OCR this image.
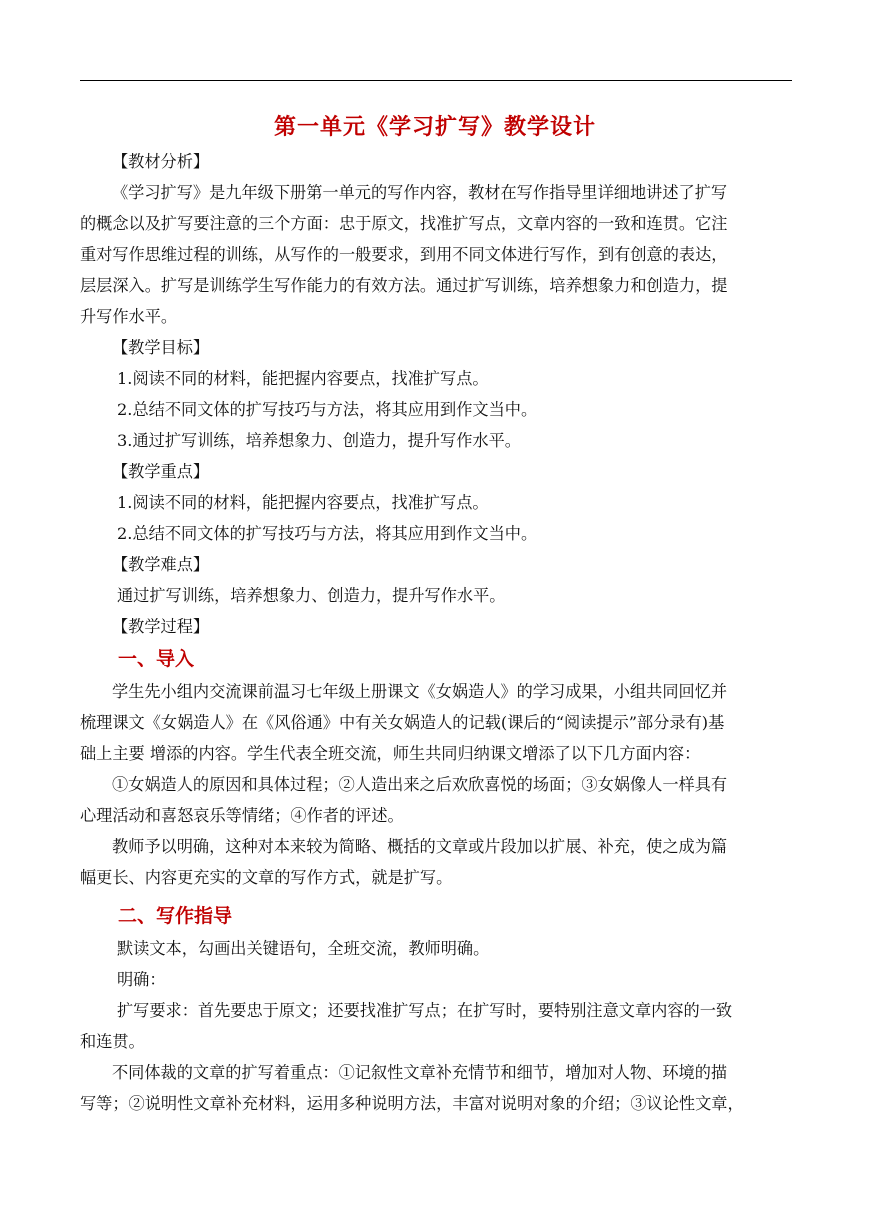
第一单元《学习扩写》教学设计

【教材分析】

《学习扩写》是九年级下册第一单元的写作内容，教材在写作指导里详细地讲述了扩写

的概念以及扩写要注意的三个方面：忠于原文，找准扩写点，文章内容的一致和连贯。它注

重对写作思维过程的训练，从写作的一般要求，到用不同文体进行写作，到有创意的表达，

层层深入。扩写是训练学生写作能力的有效方法。通过扩写训练，培养想象力和创造力，提

升写作水平。

【教学目标】

1.阅读不同的材料，能把握内容要点，找准扩写点。

2.总结不同文体的扩写技巧与方法，将其应用到作文当中。

3.通过扩写训练，培养想象力、创造力，提升写作水平。

【教学重点】

1.阅读不同的材料，能把握内容要点，找准扩写点。

2.总结不同文体的扩写技巧与方法，将其应用到作文当中。

【教学难点】

通过扩写训练，培养想象力、创造力，提升写作水平。

【教学过程】

一、导入

学生先小组内交流课前温习七年级上册课文《女娲造人》的学习成果，小组共同回忆并

梳理课文《女娲造人》在《风俗通》中有关女娲造人的记载(课后的“阅读提示”部分录有)基

础上主要 增添的内容。学生代表全班交流，师生共同归纳课文增添了以下几方面内容：

①女娲造人的原因和具体过程；②人造出来之后欢欣喜悦的场面；③女娲像人一样具有

心理活动和喜怒哀乐等情绪；④作者的评述。

教师予以明确，这种对本来较为简略、概括的文章或片段加以扩展、补充，使之成为篇

幅更长、内容更充实的文章的写作方式，就是扩写。

二、写作指导

默读文本，勾画出关键语句，全班交流，教师明确。

明确：

扩写要求：首先要忠于原文；还要找准扩写点；在扩写时，要特别注意文章内容的一致

和连贯。

不同体裁的文章的扩写着重点：①记叙性文章补充情节和细节，增加对人物、环境的描

写等；②说明性文章补充材料，运用多种说明方法，丰富对说明对象的介绍；③议论性文章，
